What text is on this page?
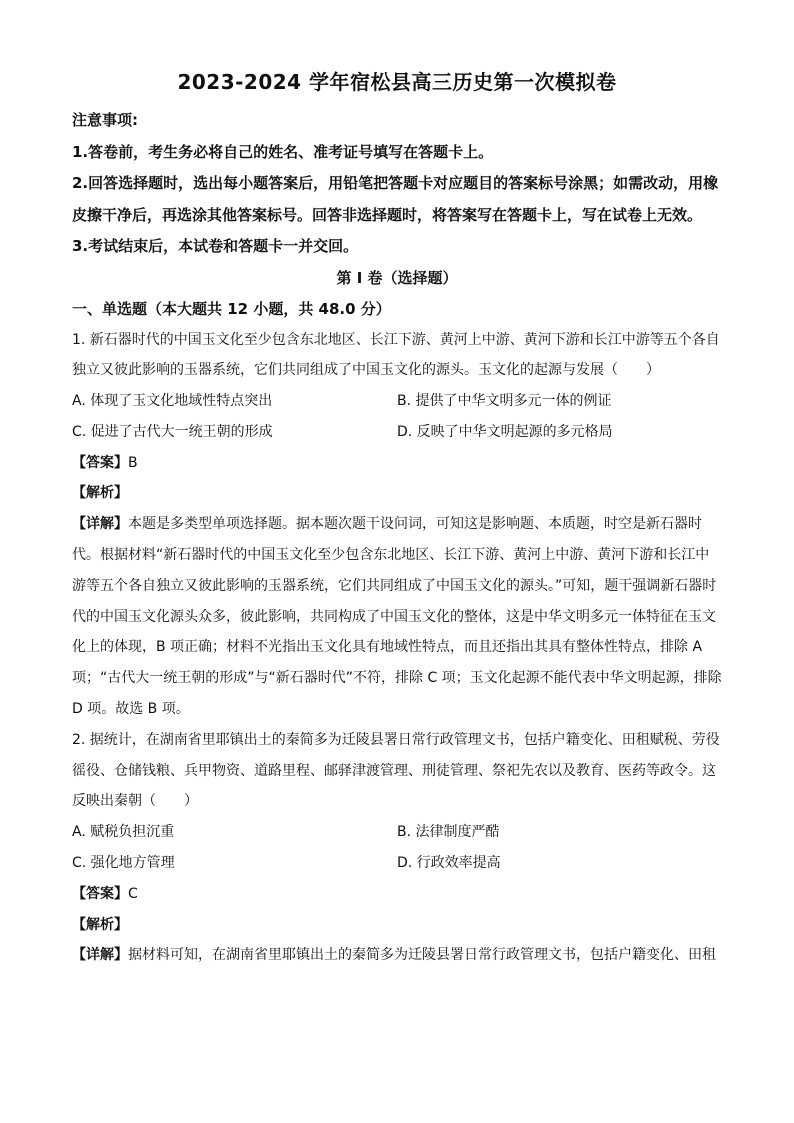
2023-2024 学年宿松县高三历史第一次模拟卷

注意事项:

1.答卷前，考生务必将自己的姓名、准考证号填写在答题卡上。

2.回答选择题时，选出每小题答案后，用铅笔把答题卡对应题目的答案标号涂黑；如需改动，用橡皮擦干净后，再选涂其他答案标号。回答非选择题时，将答案写在答题卡上，写在试卷上无效。

3.考试结束后，本试卷和答题卡一并交回。

第 I 卷（选择题）
一、单选题（本大题共 12 小题，共 48.0 分）

1. 新石器时代的中国玉文化至少包含东北地区、长江下游、黄河上中游、黄河下游和长江中游等五个各自独立又彼此影响的玉器系统，它们共同组成了中国玉文化的源头。玉文化的起源与发展（　　）

A. 体现了玉文化地域性特点突出	B. 提供了中华文明多元一体的例证
C. 促进了古代大一统王朝的形成	D. 反映了中华文明起源的多元格局

【答案】B

【解析】

【详解】本题是多类型单项选择题。据本题次题干设问词，可知这是影响题、本质题，时空是新石器时代。根据材料“新石器时代的中国玉文化至少包含东北地区、长江下游、黄河上中游、黄河下游和长江中游等五个各自独立又彼此影响的玉器系统，它们共同组成了中国玉文化的源头。”可知，题干强调新石器时代的中国玉文化源头众多，彼此影响，共同构成了中国玉文化的整体，这是中华文明多元一体特征在玉文化上的体现，B 项正确；材料不光指出玉文化具有地域性特点，而且还指出其具有整体性特点，排除 A 项；“古代大一统王朝的形成”与“新石器时代”不符，排除 C 项；玉文化起源不能代表中华文明起源，排除 D 项。故选 B 项。

2. 据统计，在湖南省里耶镇出土的秦简多为迁陵县署日常行政管理文书，包括户籍变化、田租赋税、劳役徭役、仓储钱粮、兵甲物资、道路里程、邮驿津渡管理、刑徒管理、祭祀先农以及教育、医药等政令。这反映出秦朝（　　）

A. 赋税负担沉重	B. 法律制度严酷
C. 强化地方管理	D. 行政效率提高

【答案】C

【解析】

【详解】据材料可知，在湖南省里耶镇出土的秦简多为迁陵县署日常行政管理文书，包括户籍变化、田租
